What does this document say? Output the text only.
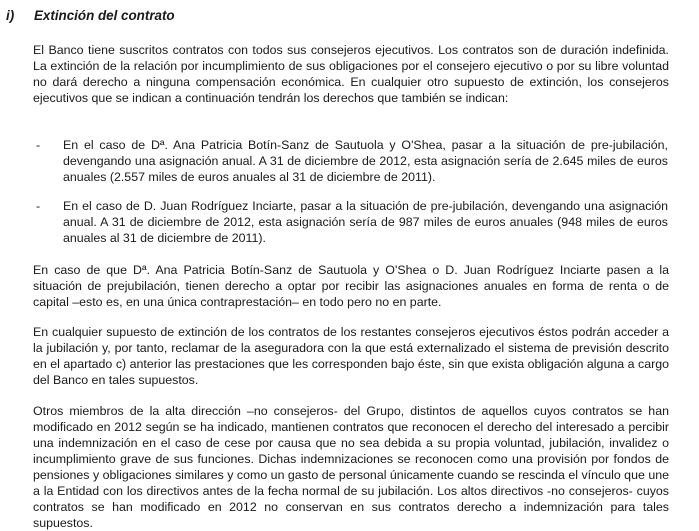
i) Extinción del contrato

El Banco tiene suscritos contratos con todos sus consejeros ejecutivos. Los contratos son de duración indefinida. La extinción de la relación por incumplimiento de sus obligaciones por el consejero ejecutivo o por su libre voluntad no dará derecho a ninguna compensación económica. En cualquier otro supuesto de extinción, los consejeros ejecutivos que se indican a continuación tendrán los derechos que también se indican:

- En el caso de Dª. Ana Patricia Botín-Sanz de Sautuola y O'Shea, pasar a la situación de pre-jubilación, devengando una asignación anual. A 31 de diciembre de 2012, esta asignación sería de 2.645 miles de euros anuales (2.557 miles de euros anuales al 31 de diciembre de 2011).

- En el caso de D. Juan Rodríguez Inciarte, pasar a la situación de pre-jubilación, devengando una asignación anual. A 31 de diciembre de 2012, esta asignación sería de 987 miles de euros anuales (948 miles de euros anuales al 31 de diciembre de 2011).

En caso de que Dª. Ana Patricia Botín-Sanz de Sautuola y O'Shea o D. Juan Rodríguez Inciarte pasen a la situación de prejubilación, tienen derecho a optar por recibir las asignaciones anuales en forma de renta o de capital –esto es, en una única contraprestación– en todo pero no en parte.

En cualquier supuesto de extinción de los contratos de los restantes consejeros ejecutivos éstos podrán acceder a la jubilación y, por tanto, reclamar de la aseguradora con la que está externalizado el sistema de previsión descrito en el apartado c) anterior las prestaciones que les corresponden bajo éste, sin que exista obligación alguna a cargo del Banco en tales supuestos.

Otros miembros de la alta dirección –no consejeros- del Grupo, distintos de aquellos cuyos contratos se han modificado en 2012 según se ha indicado, mantienen contratos que reconocen el derecho del interesado a percibir una indemnización en el caso de cese por causa que no sea debida a su propia voluntad, jubilación, invalidez o incumplimiento grave de sus funciones. Dichas indemnizaciones se reconocen como una provisión por fondos de pensiones y obligaciones similares y como un gasto de personal únicamente cuando se rescinda el vínculo que une a la Entidad con los directivos antes de la fecha normal de su jubilación. Los altos directivos -no consejeros- cuyos contratos se han modificado en 2012 no conservan en sus contratos derecho a indemnización para tales supuestos.
